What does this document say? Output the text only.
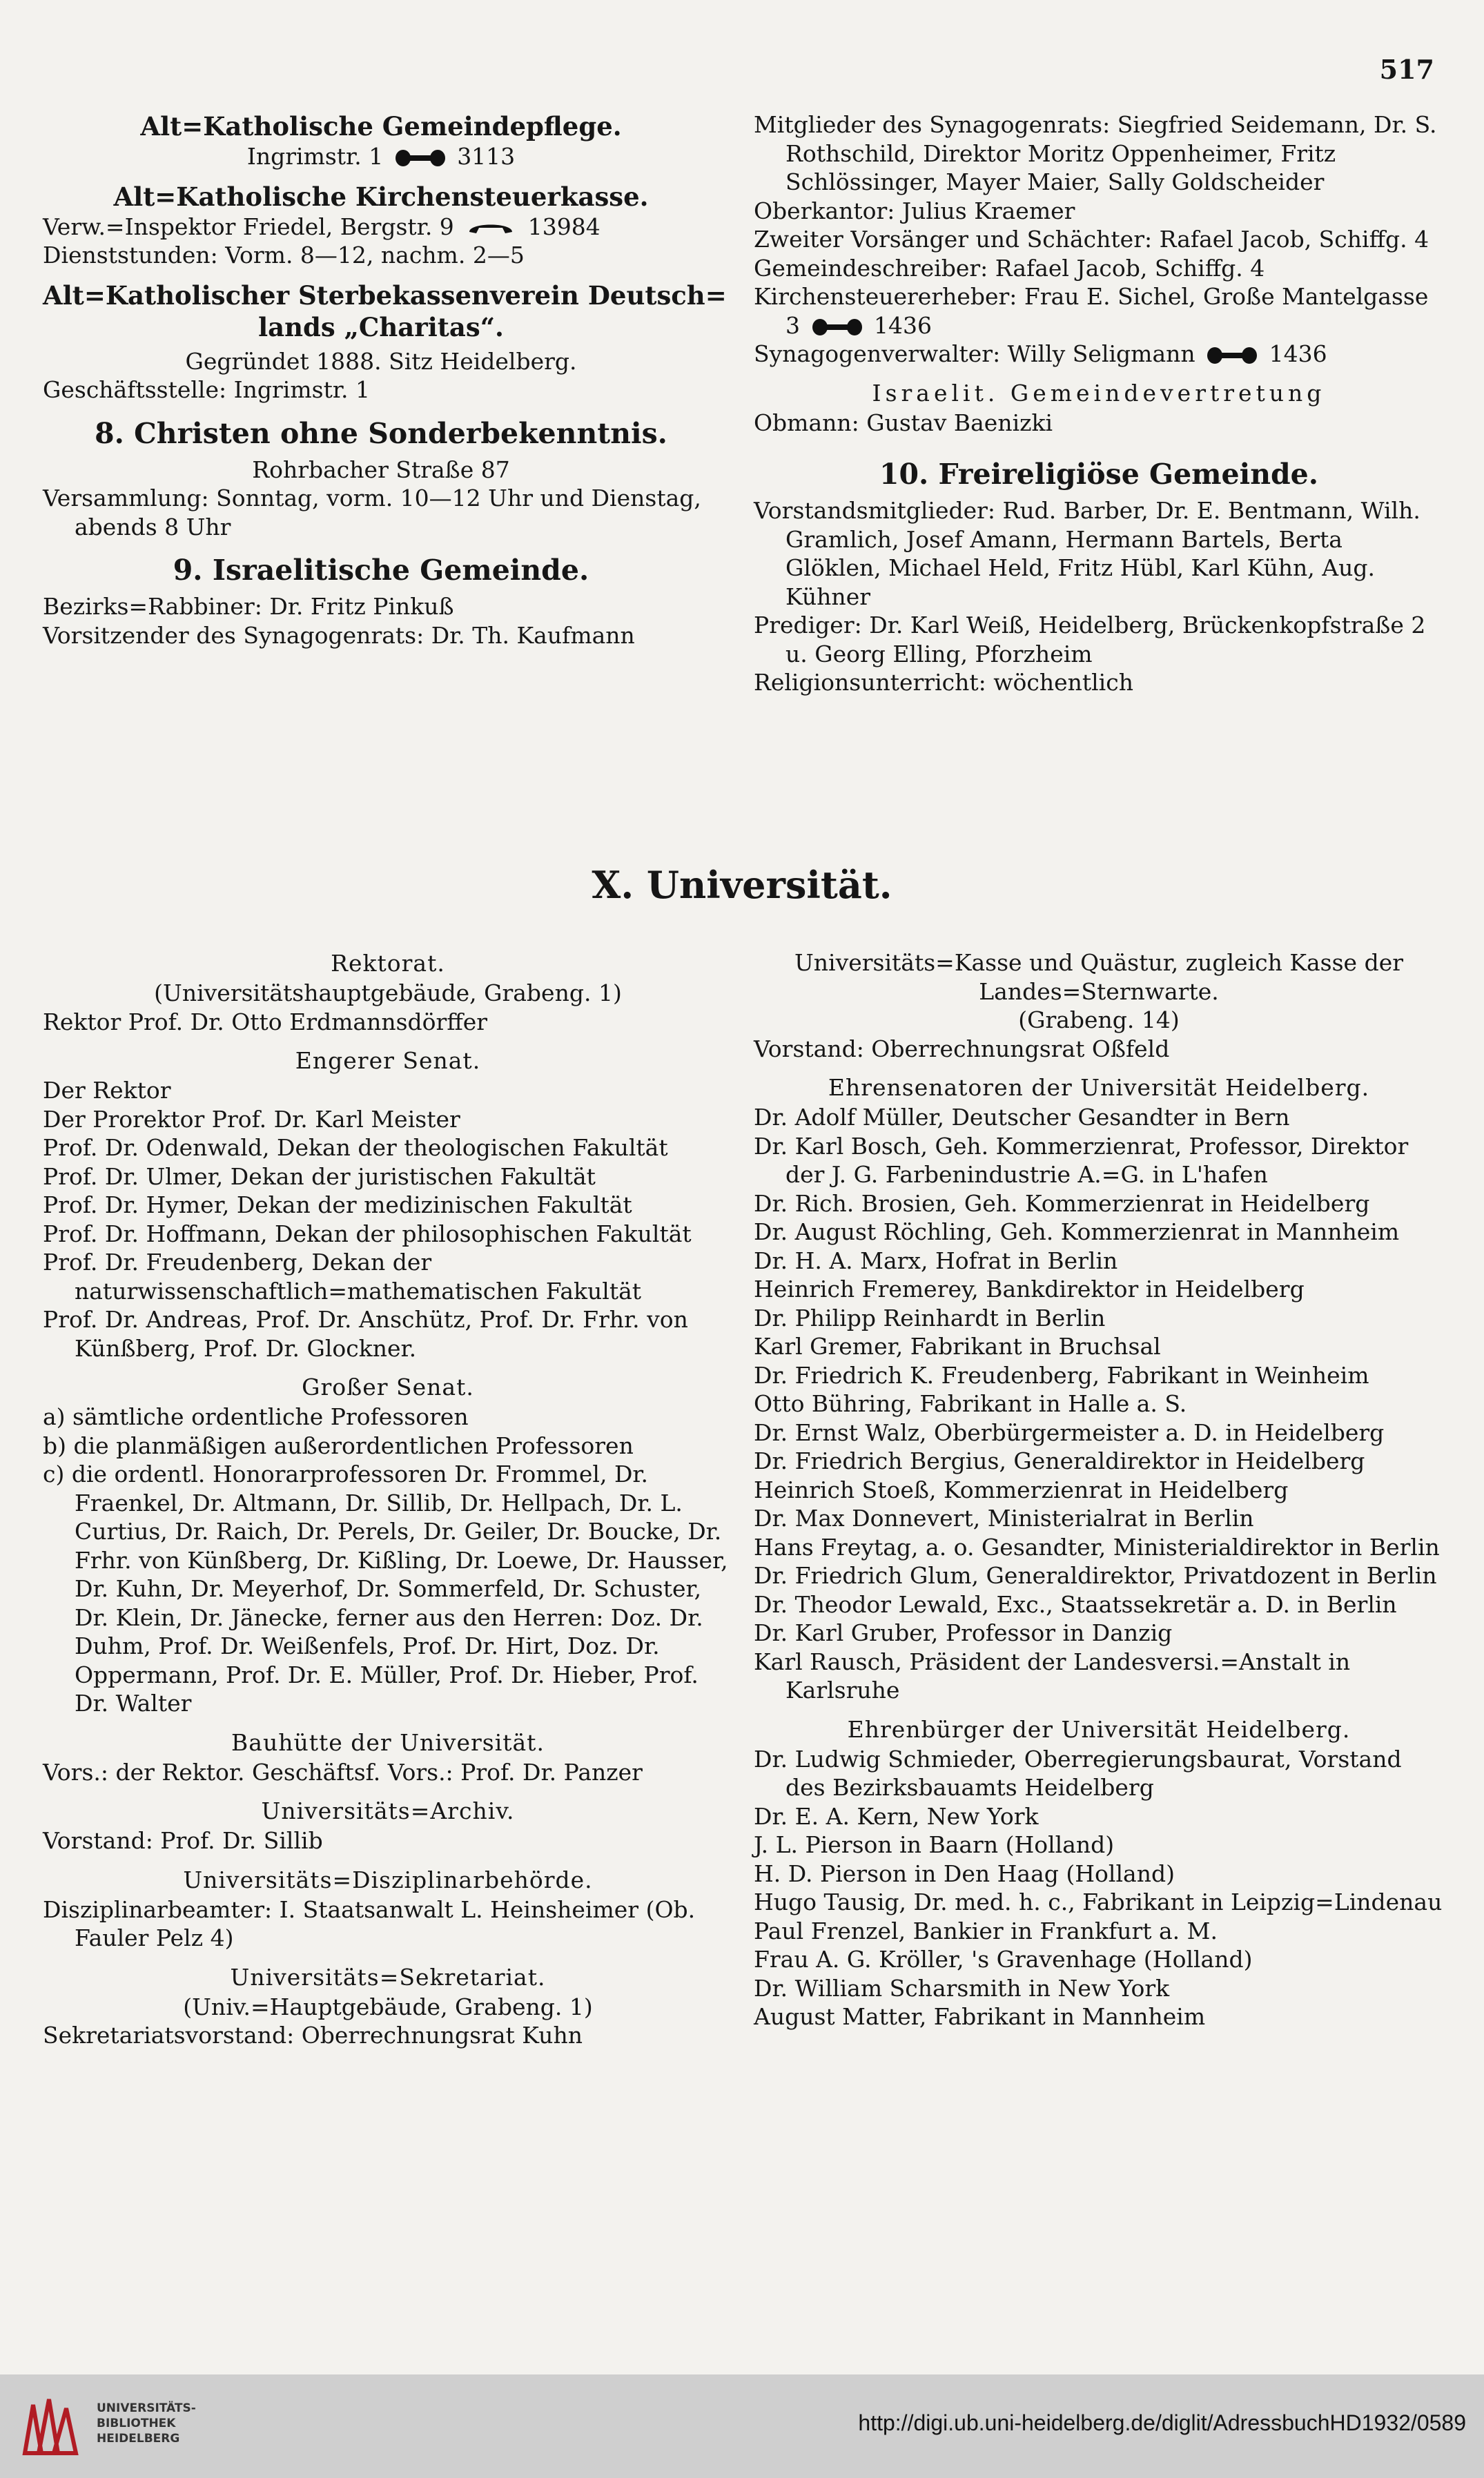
517
Alt=Katholische Gemeindepflege.
Ingrimstr. 1	3113
Alt=Katholische Kirchensteuerkasse.
Verw.=Inspektor Friedel, Bergstr. 9	13984
Dienststunden: Vorm. 8—12, nachm. 2—5
Alt=Katholischer Sterbekassenverein Deutsch=
lands „Charitas“.
Gegründet 1888. Sitz Heidelberg.
Geschäftsstelle: Ingrimstr. 1
8. Christen ohne Sonderbekenntnis.
Rohrbacher Straße 87
Versammlung: Sonntag, vorm. 10—12 Uhr und Dienstag, abends 8 Uhr
9. Israelitische Gemeinde.
Bezirks=Rabbiner: Dr. Fritz Pinkuß
Vorsitzender des Synagogenrats: Dr. Th. Kaufmann
Mitglieder des Synagogenrats: Siegfried Seidemann, Dr. S. Rothschild, Direktor Moritz Oppenheimer, Fritz Schlössinger, Mayer Maier, Sally Goldscheider
Oberkantor: Julius Kraemer
Zweiter Vorsänger und Schächter: Rafael Jacob, Schiffg. 4
Gemeindeschreiber: Rafael Jacob, Schiffg. 4
Kirchensteuererheber: Frau E. Sichel, Große Mantelgasse 3	1436
Synagogenverwalter: Willy Seligmann	1436
Israelit. Gemeindevertretung
Obmann: Gustav Baenizki
10. Freireligiöse Gemeinde.
Vorstandsmitglieder: Rud. Barber, Dr. E. Bentmann, Wilh. Gramlich, Josef Amann, Hermann Bartels, Berta Glöklen, Michael Held, Fritz Hübl, Karl Kühn, Aug. Kühner
Prediger: Dr. Karl Weiß, Heidelberg, Brückenkopfstraße 2 u. Georg Elling, Pforzheim
Religionsunterricht: wöchentlich
X. Universität.
Rektorat.
(Universitätshauptgebäude, Grabeng. 1)
Rektor Prof. Dr. Otto Erdmannsdörffer
Engerer Senat.
Der Rektor
Der Prorektor Prof. Dr. Karl Meister
Prof. Dr. Odenwald, Dekan der theologischen Fakultät
Prof. Dr. Ulmer, Dekan der juristischen Fakultät
Prof. Dr. Hymer, Dekan der medizinischen Fakultät
Prof. Dr. Hoffmann, Dekan der philosophischen Fakultät
Prof. Dr. Freudenberg, Dekan der naturwissenschaftlich=mathematischen Fakultät
Prof. Dr. Andreas, Prof. Dr. Anschütz, Prof. Dr. Frhr. von Künßberg, Prof. Dr. Glockner.
Großer Senat.
a) sämtliche ordentliche Professoren
b) die planmäßigen außerordentlichen Professoren
c) die ordentl. Honorarprofessoren Dr. Frommel, Dr. Fraenkel, Dr. Altmann, Dr. Sillib, Dr. Hellpach, Dr. L. Curtius, Dr. Raich, Dr. Perels, Dr. Geiler, Dr. Boucke, Dr. Frhr. von Künßberg, Dr. Kißling, Dr. Loewe, Dr. Hausser, Dr. Kuhn, Dr. Meyerhof, Dr. Sommerfeld, Dr. Schuster, Dr. Klein, Dr. Jänecke, ferner aus den Herren: Doz. Dr. Duhm, Prof. Dr. Weißenfels, Prof. Dr. Hirt, Doz. Dr. Oppermann, Prof. Dr. E. Müller, Prof. Dr. Hieber, Prof. Dr. Walter
Bauhütte der Universität.
Vors.: der Rektor. Geschäftsf. Vors.: Prof. Dr. Panzer
Universitäts=Archiv.
Vorstand: Prof. Dr. Sillib
Universitäts=Disziplinarbehörde.
Disziplinarbeamter: I. Staatsanwalt L. Heinsheimer (Ob. Fauler Pelz 4)
Universitäts=Sekretariat.
(Univ.=Hauptgebäude, Grabeng. 1)
Sekretariatsvorstand: Oberrechnungsrat Kuhn
Universitäts=Kasse und Quästur, zugleich Kasse der
Landes=Sternwarte.
(Grabeng. 14)
Vorstand: Oberrechnungsrat Oßfeld
Ehrensenatoren der Universität Heidelberg.
Dr. Adolf Müller, Deutscher Gesandter in Bern
Dr. Karl Bosch, Geh. Kommerzienrat, Professor, Direktor der J. G. Farbenindustrie A.=G. in L'hafen
Dr. Rich. Brosien, Geh. Kommerzienrat in Heidelberg
Dr. August Röchling, Geh. Kommerzienrat in Mannheim
Dr. H. A. Marx, Hofrat in Berlin
Heinrich Fremerey, Bankdirektor in Heidelberg
Dr. Philipp Reinhardt in Berlin
Karl Gremer, Fabrikant in Bruchsal
Dr. Friedrich K. Freudenberg, Fabrikant in Weinheim
Otto Bühring, Fabrikant in Halle a. S.
Dr. Ernst Walz, Oberbürgermeister a. D. in Heidelberg
Dr. Friedrich Bergius, Generaldirektor in Heidelberg
Heinrich Stoeß, Kommerzienrat in Heidelberg
Dr. Max Donnevert, Ministerialrat in Berlin
Hans Freytag, a. o. Gesandter, Ministerialdirektor in Berlin
Dr. Friedrich Glum, Generaldirektor, Privatdozent in Berlin
Dr. Theodor Lewald, Exc., Staatssekretär a. D. in Berlin
Dr. Karl Gruber, Professor in Danzig
Karl Rausch, Präsident der Landesversi.=Anstalt in Karlsruhe
Ehrenbürger der Universität Heidelberg.
Dr. Ludwig Schmieder, Oberregierungsbaurat, Vorstand des Bezirksbauamts Heidelberg
Dr. E. A. Kern, New York
J. L. Pierson in Baarn (Holland)
H. D. Pierson in Den Haag (Holland)
Hugo Tausig, Dr. med. h. c., Fabrikant in Leipzig=Lindenau
Paul Frenzel, Bankier in Frankfurt a. M.
Frau A. G. Kröller, 's Gravenhage (Holland)
Dr. William Scharsmith in New York
August Matter, Fabrikant in Mannheim
UNIVERSITÄTS-
BIBLIOTHEK
HEIDELBERG
http://digi.ub.uni-heidelberg.de/diglit/AdressbuchHD1932/0589
